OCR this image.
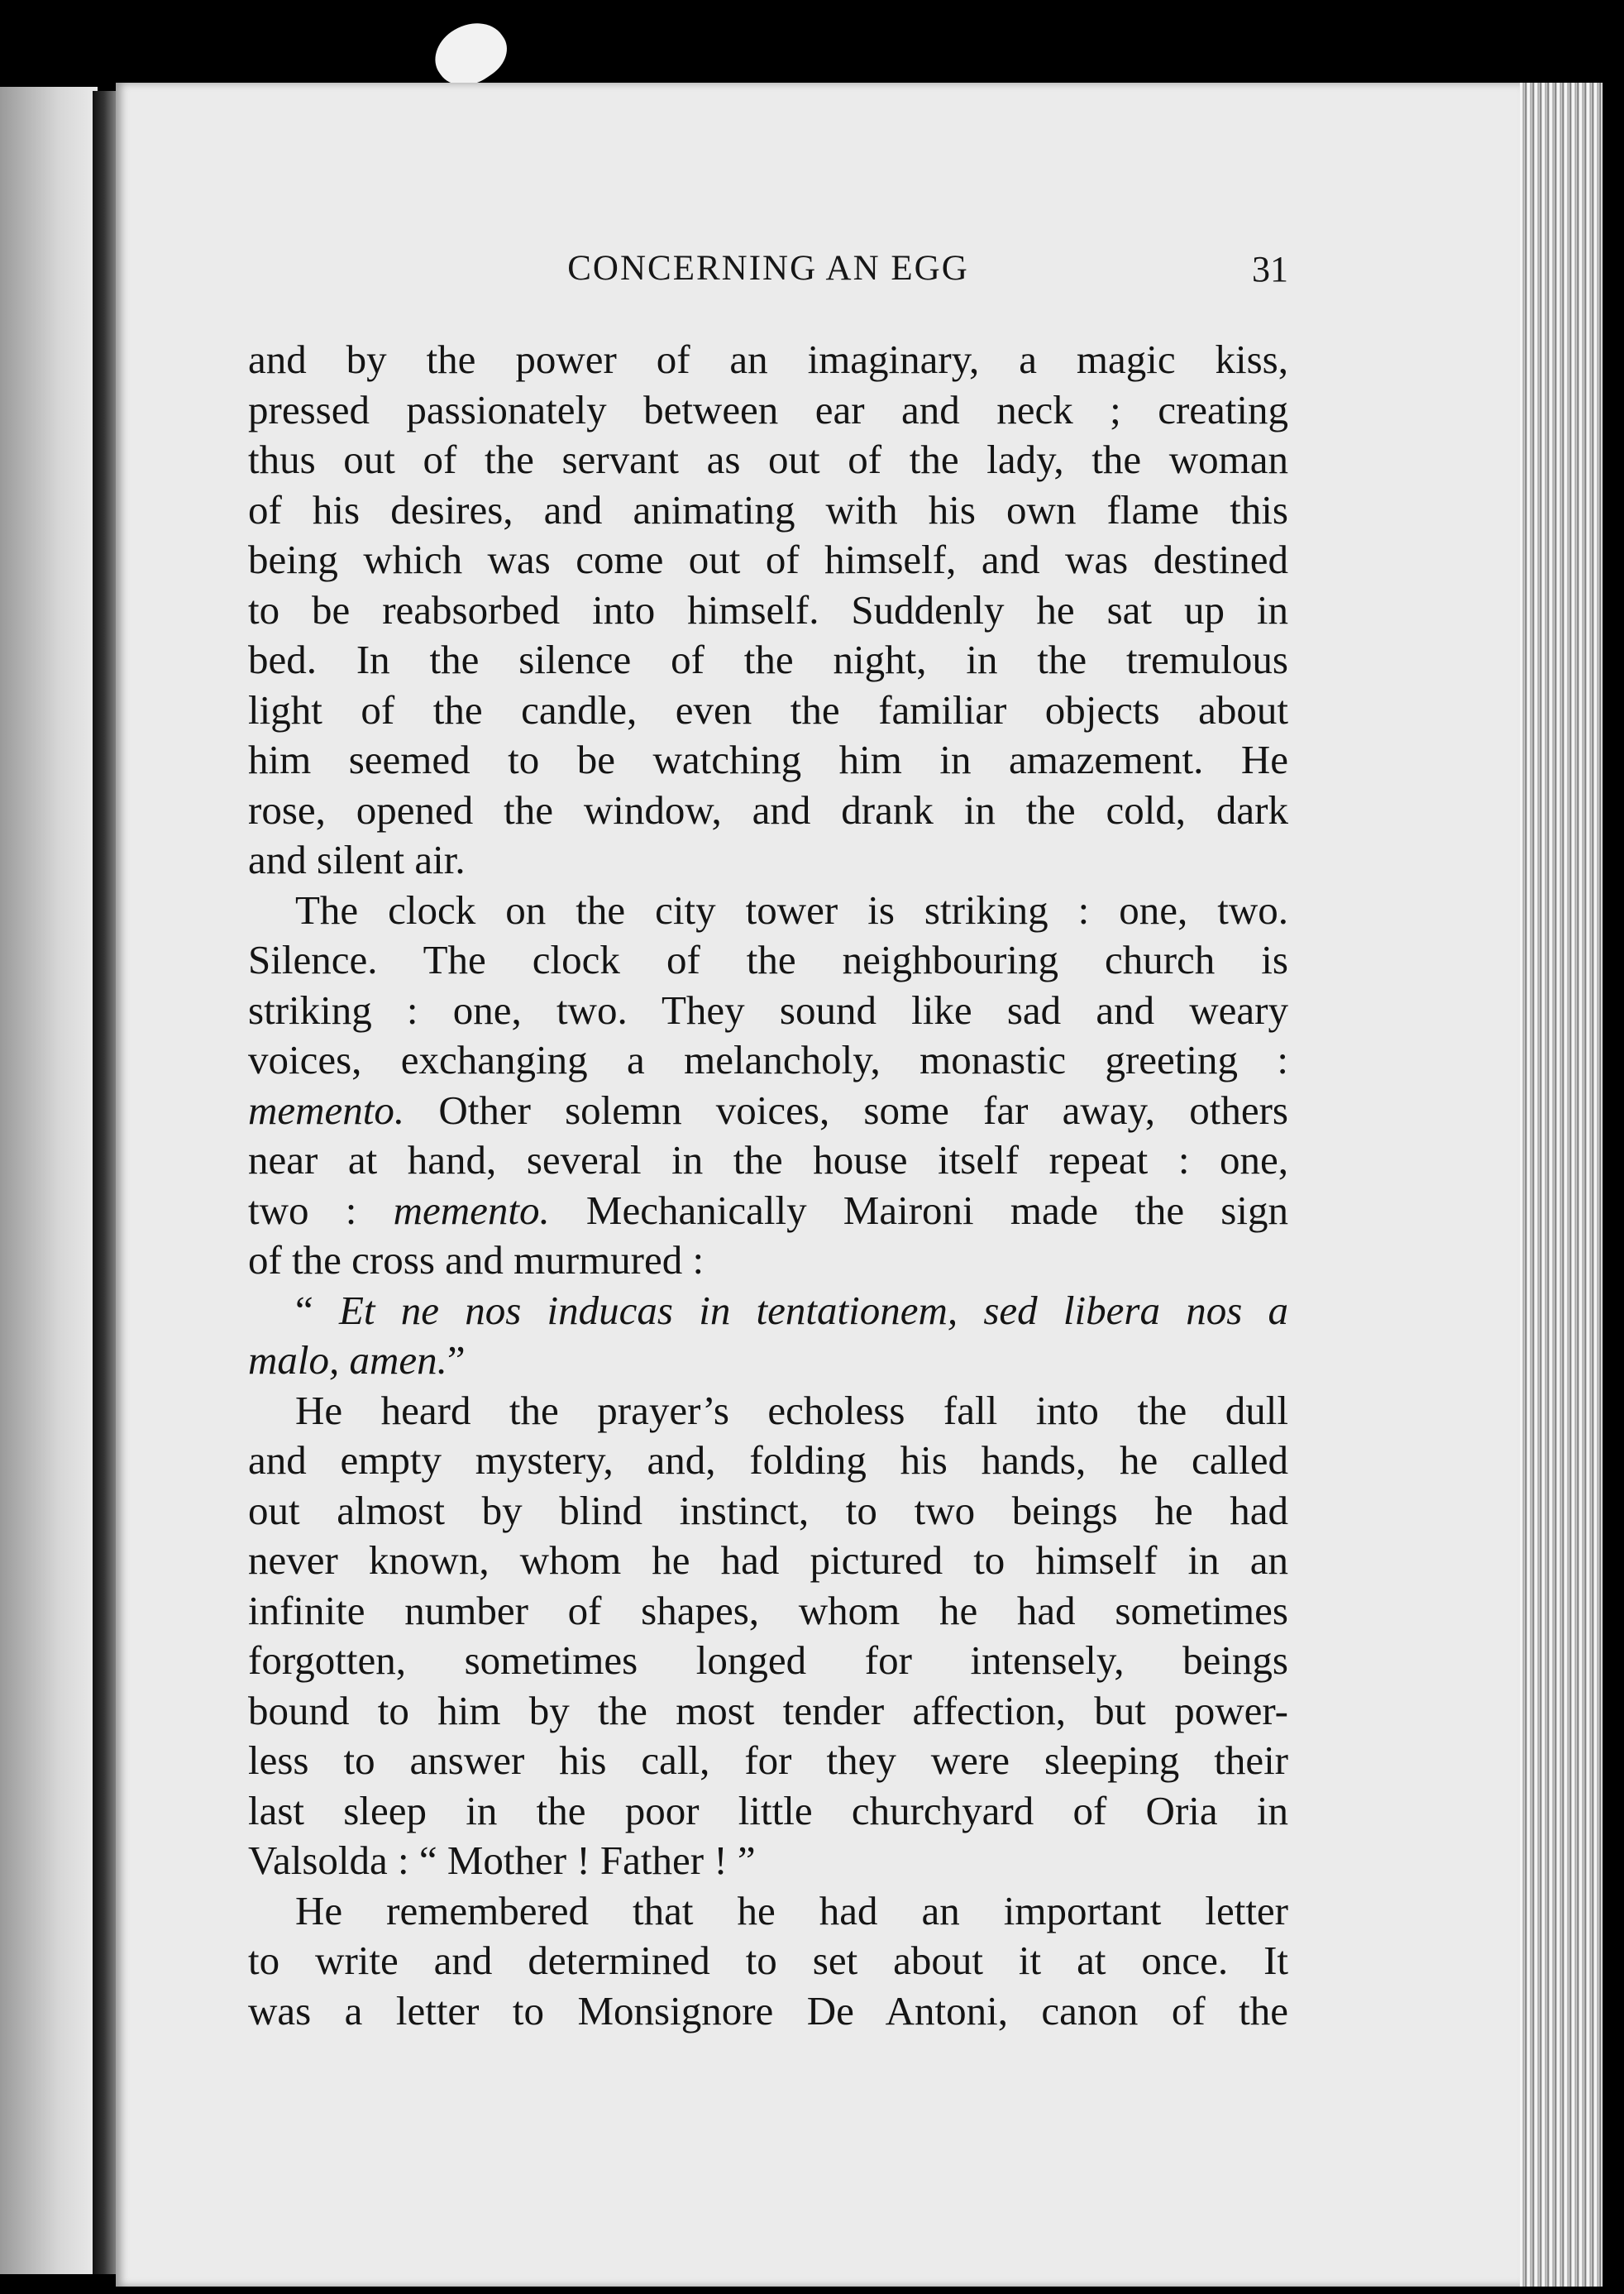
CONCERNING AN EGG	31
and by the power of an imaginary, a magic kiss,
pressed passionately between ear and neck ; creating
thus out of the servant as out of the lady, the woman
of his desires, and animating with his own flame this
being which was come out of himself, and was destined
to be reabsorbed into himself. Suddenly he sat up in
bed. In the silence of the night, in the tremulous
light of the candle, even the familiar objects about
him seemed to be watching him in amazement. He
rose, opened the window, and drank in the cold, dark
and silent air.
The clock on the city tower is striking : one, two.
Silence. The clock of the neighbouring church is
striking : one, two. They sound like sad and weary
voices, exchanging a melancholy, monastic greeting :
memento. Other solemn voices, some far away, others
near at hand, several in the house itself repeat : one,
two : memento. Mechanically Maironi made the sign
of the cross and murmured :
“ Et ne nos inducas in tentationem, sed libera nos a
malo, amen.”
He heard the prayer’s echoless fall into the dull
and empty mystery, and, folding his hands, he called
out almost by blind instinct, to two beings he had
never known, whom he had pictured to himself in an
infinite number of shapes, whom he had sometimes
forgotten, sometimes longed for intensely, beings
bound to him by the most tender affection, but power-
less to answer his call, for they were sleeping their
last sleep in the poor little churchyard of Oria in
Valsolda : “ Mother ! Father ! ”
He remembered that he had an important letter
to write and determined to set about it at once. It
was a letter to Monsignore De Antoni, canon of the
